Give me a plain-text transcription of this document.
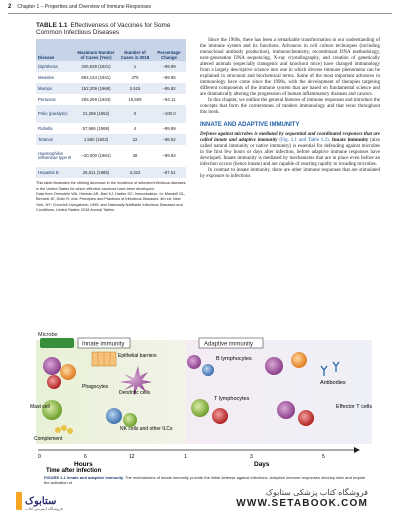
2 Chapter 1 – Properties and Overview of Immune Responses
TABLE 1.1 Effectiveness of Vaccines for Some Common Infectious Diseases
Disease	Maximum Number of Cases (Year)	Number of Cases in 2018	Percentage Change
Diphtheria	206,939 (1921)	1	−99.99
Measles	894,134 (1941)	375	−99.95
Mumps	152,209 (1968)	2,515	−95.82
Pertussis	265,269 (1934)	15,609	−94.11
Polio (paralytic)	21,269 (1952)	0	−100.0
Rubella	57,686 (1969)	4	−99.99
Tetanus	1,560 (1923)	22	−98.52
Haemophilus influenzae type B	~20,000 (1984)	38	−99.83
Hepatitis B	26,611 (1985)	3,322	−87.51
This table illustrates the striking decrease in the incidence of selected infectious diseases in the United States for which effective vaccines have been developed.
Data from Orenstein WA, Hinman AR, Bart KJ, Hadler SC: Immunization. In: Mandell GL, Bennett JE, Dolin R, eds: Principles and Practices of Infectious Diseases. 4th ed. New York, NY: Churchill Livingstone; 1995; and Nationally Notifiable Infectious Diseases and Conditions, United States: 2018 Annual Tables.

Since the 1960s, there has been a remarkable transformation in our understanding of the immune system and its functions. Advances in cell culture techniques (including monoclonal antibody production), immunochemistry, recombinant DNA methodology, next-generation DNA sequencing, X-ray crystallography, and creation of genetically altered animals (especially transgenic and knockout mice) have changed immunology from a largely descriptive science into one in which diverse immune phenomena can be explained in structural and biochemical terms. Some of the most important advances in immunology have come since the 1990s, with the development of therapies targeting different components of the immune system that are based on fundamental science and are dramatically altering the progression of human inflammatory diseases and cancers.

In this chapter, we outline the general features of immune responses and introduce the concepts that form the cornerstones of modern immunology and that recur throughout this book.

INNATE AND ADAPTIVE IMMUNITY

Defense against microbes is mediated by sequential and coordinated responses that are called innate and adaptive immunity (Fig. 1.1 and Table 1.2). Innate immunity (also called natural immunity or native immunity) is essential for defending against microbes in the first few hours or days after infection, before adaptive immune responses have developed. Innate immunity is mediated by mechanisms that are in place even before an infection occurs (hence innate) and are capable of reacting rapidly to invading microbes.

In contrast to innate immunity, there are other immune responses that are stimulated by exposure to infectious

Microbe
Innate immunity	Adaptive immunity
Epithelial barriers
Phagocytes
Dendritic cells
Mast cell
Complement
NK cells and other ILCs
B lymphocytes
Antibodies
T lymphocytes
Effector T cells
0	6	12	1	3	5
Hours	Days
Time after infection
FIGURE 1.1 Innate and adaptive immunity. The mechanisms of innate immunity provide the initial defense against infections. Adaptive immune responses develop later and require the activation of
ستابوک
فروشگاه اینترنتی کتاب
فروشگاه کتاب پزشکی ستابوک
WWW.SETABOOK.COM
